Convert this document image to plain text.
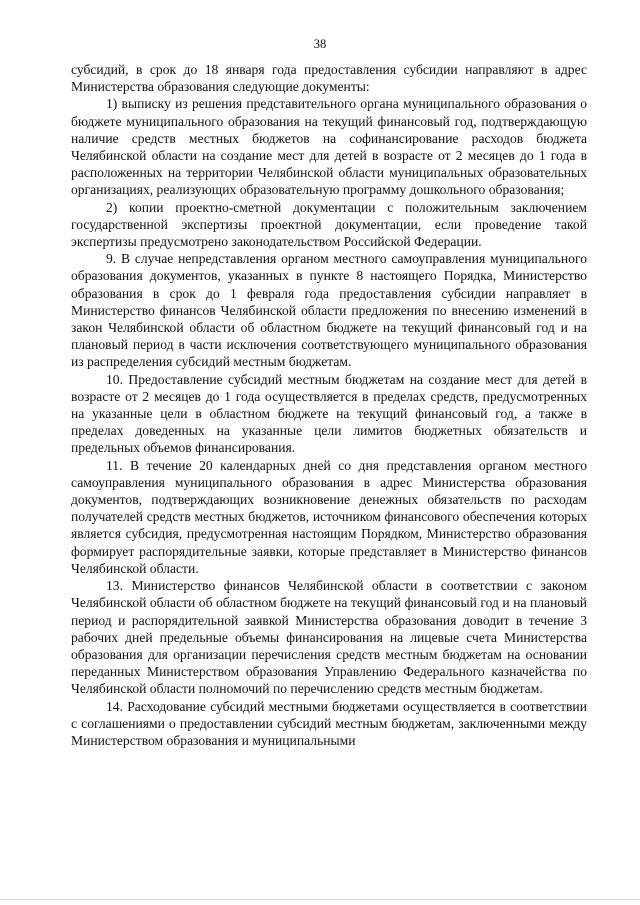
38

субсидий, в срок до 18 января года предоставления субсидии направляют в адрес Министерства образования следующие документы:

1) выписку из решения представительного органа муниципального образования о бюджете муниципального образования на текущий финансовый год, подтверждающую наличие средств местных бюджетов на софинансирование расходов бюджета Челябинской области на создание мест для детей в возрасте от 2 месяцев до 1 года в расположенных на территории Челябинской области муниципальных образовательных организациях, реализующих образовательную программу дошкольного образования;

2) копии проектно-сметной документации с положительным заключением государственной экспертизы проектной документации, если проведение такой экспертизы предусмотрено законодательством Российской Федерации.

9. В случае непредставления органом местного самоуправления муниципального образования документов, указанных в пункте 8 настоящего Порядка, Министерство образования в срок до 1 февраля года предоставления субсидии направляет в Министерство финансов Челябинской области предложения по внесению изменений в закон Челябинской области об областном бюджете на текущий финансовый год и на плановый период в части исключения соответствующего муниципального образования из распределения субсидий местным бюджетам.

10. Предоставление субсидий местным бюджетам на создание мест для детей в возрасте от 2 месяцев до 1 года осуществляется в пределах средств, предусмотренных на указанные цели в областном бюджете на текущий финансовый год, а также в пределах доведенных на указанные цели лимитов бюджетных обязательств и предельных объемов финансирования.

11. В течение 20 календарных дней со дня представления органом местного самоуправления муниципального образования в адрес Министерства образования документов, подтверждающих возникновение денежных обязательств по расходам получателей средств местных бюджетов, источником финансового обеспечения которых является субсидия, предусмотренная настоящим Порядком, Министерство образования формирует распорядительные заявки, которые представляет в Министерство финансов Челябинской области.

13. Министерство финансов Челябинской области в соответствии с законом Челябинской области об областном бюджете на текущий финансовый год и на плановый период и распорядительной заявкой Министерства образования доводит в течение 3 рабочих дней предельные объемы финансирования на лицевые счета Министерства образования для организации перечисления средств местным бюджетам на основании переданных Министерством образования Управлению Федерального казначейства по Челябинской области полномочий по перечислению средств местным бюджетам.

14. Расходование субсидий местными бюджетами осуществляется в соответствии с соглашениями о предоставлении субсидий местным бюджетам, заключенными между Министерством образования и муниципальными
